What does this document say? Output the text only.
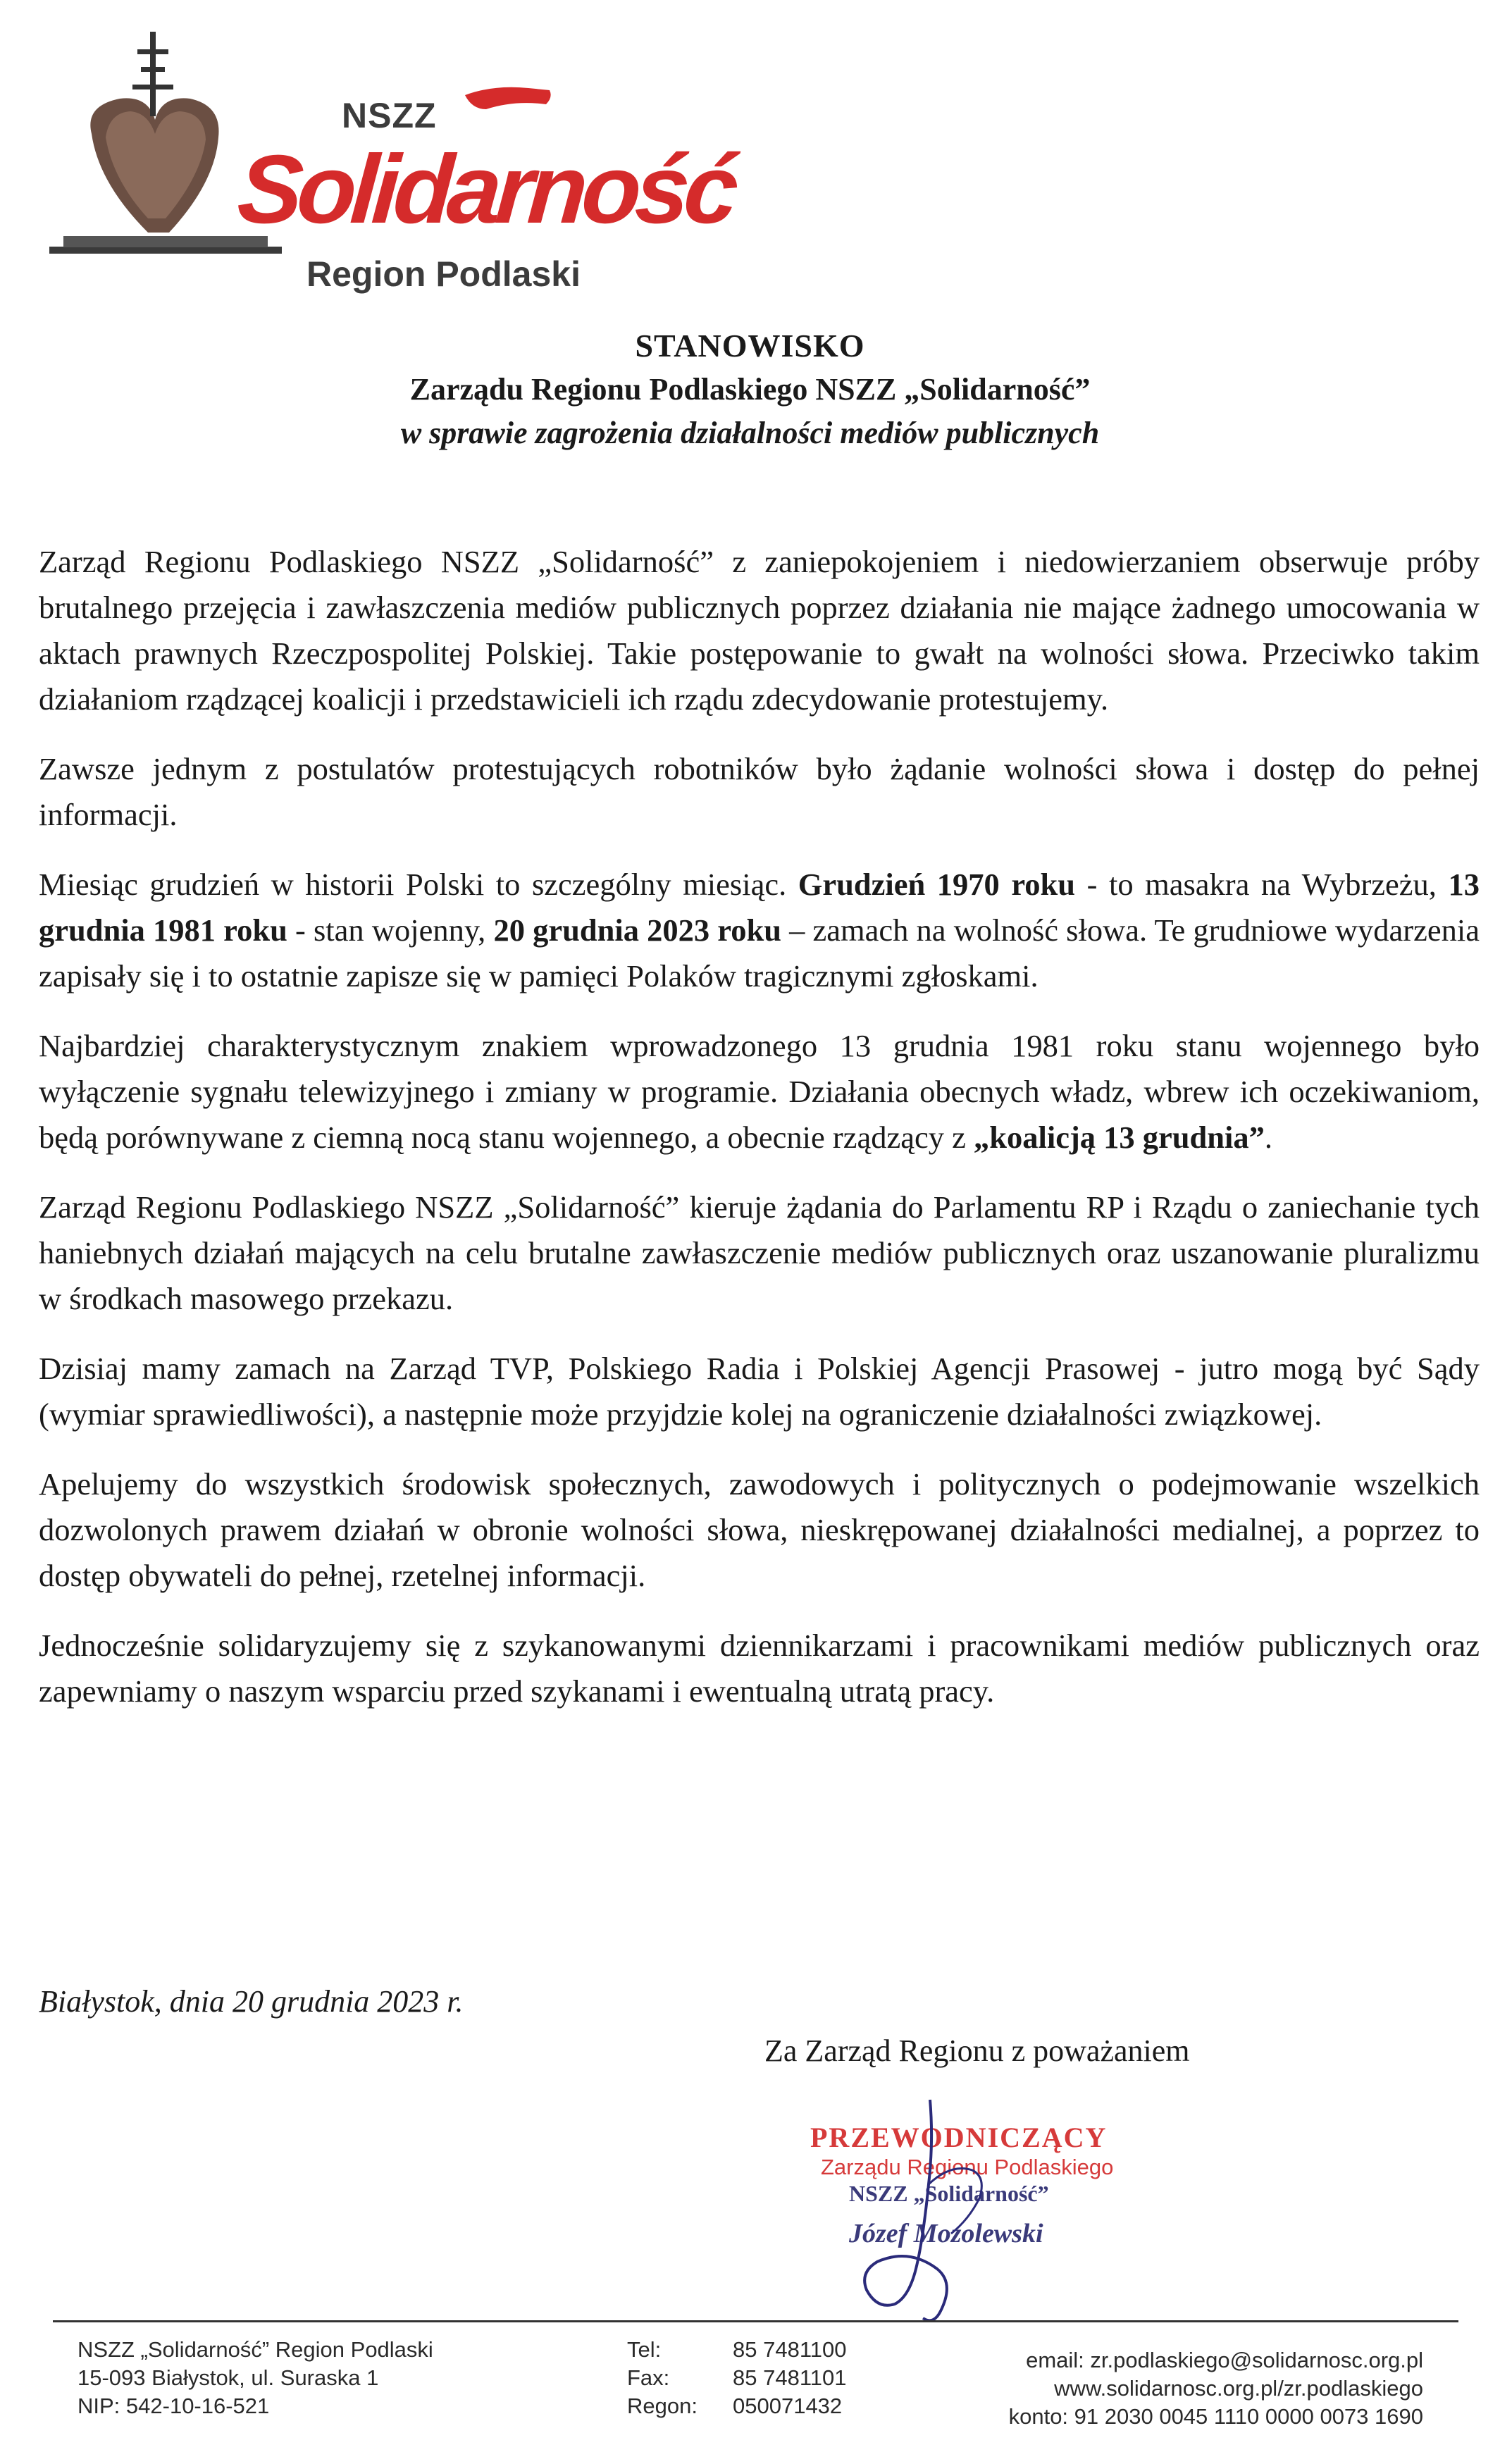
NSZZ
Solidarność
Region Podlaski
STANOWISKO
Zarządu Regionu Podlaskiego NSZZ „Solidarność”
w sprawie zagrożenia działalności mediów publicznych

Zarząd Regionu Podlaskiego NSZZ „Solidarność” z zaniepokojeniem i niedowierzaniem obserwuje próby brutalnego przejęcia i zawłaszczenia mediów publicznych poprzez działania nie mające żadnego umocowania w aktach prawnych Rzeczpospolitej Polskiej. Takie postępowanie to gwałt na wolności słowa. Przeciwko takim działaniom rządzącej koalicji i przedstawicieli ich rządu zdecydowanie protestujemy.

Zawsze jednym z postulatów protestujących robotników było żądanie wolności słowa i dostęp do pełnej informacji.

Miesiąc grudzień w historii Polski to szczególny miesiąc. Grudzień 1970 roku - to masakra na Wybrzeżu, 13 grudnia 1981 roku - stan wojenny, 20 grudnia 2023 roku – zamach na wolność słowa. Te grudniowe wydarzenia zapisały się i to ostatnie zapisze się w pamięci Polaków tragicznymi zgłoskami.

Najbardziej charakterystycznym znakiem wprowadzonego 13 grudnia 1981 roku stanu wojennego było wyłączenie sygnału telewizyjnego i zmiany w programie. Działania obecnych władz, wbrew ich oczekiwaniom, będą porównywane z ciemną nocą stanu wojennego, a obecnie rządzący z „koalicją 13 grudnia”.

Zarząd Regionu Podlaskiego NSZZ „Solidarność” kieruje żądania do Parlamentu RP i Rządu o zaniechanie tych haniebnych działań mających na celu brutalne zawłaszczenie mediów publicznych oraz uszanowanie pluralizmu w środkach masowego przekazu.

Dzisiaj mamy zamach na Zarząd TVP, Polskiego Radia i Polskiej Agencji Prasowej - jutro mogą być Sądy (wymiar sprawiedliwości), a następnie może przyjdzie kolej na ograniczenie działalności związkowej.

Apelujemy do wszystkich środowisk społecznych, zawodowych i politycznych o podejmowanie wszelkich dozwolonych prawem działań w obronie wolności słowa, nieskrępowanej działalności medialnej, a poprzez to dostęp obywateli do pełnej, rzetelnej informacji.

Jednocześnie solidaryzujemy się z szykanowanymi dziennikarzami i pracownikami mediów publicznych oraz zapewniamy o naszym wsparciu przed szykanami i ewentualną utratą pracy.

Białystok, dnia 20 grudnia 2023 r.
Za Zarząd Regionu z poważaniem
PRZEWODNICZĄCY
Zarządu Regionu Podlaskiego
NSZZ „Solidarność”
Józef Mozolewski
NSZZ „Solidarność” Region Podlaski
15-093 Białystok, ul. Suraska 1
NIP: 542-10-16-521
Tel:
Fax:
Regon:
85 7481100
85 7481101
050071432
email: zr.podlaskiego@solidarnosc.org.pl
www.solidarnosc.org.pl/zr.podlaskiego
konto: 91 2030 0045 1110 0000 0073 1690
